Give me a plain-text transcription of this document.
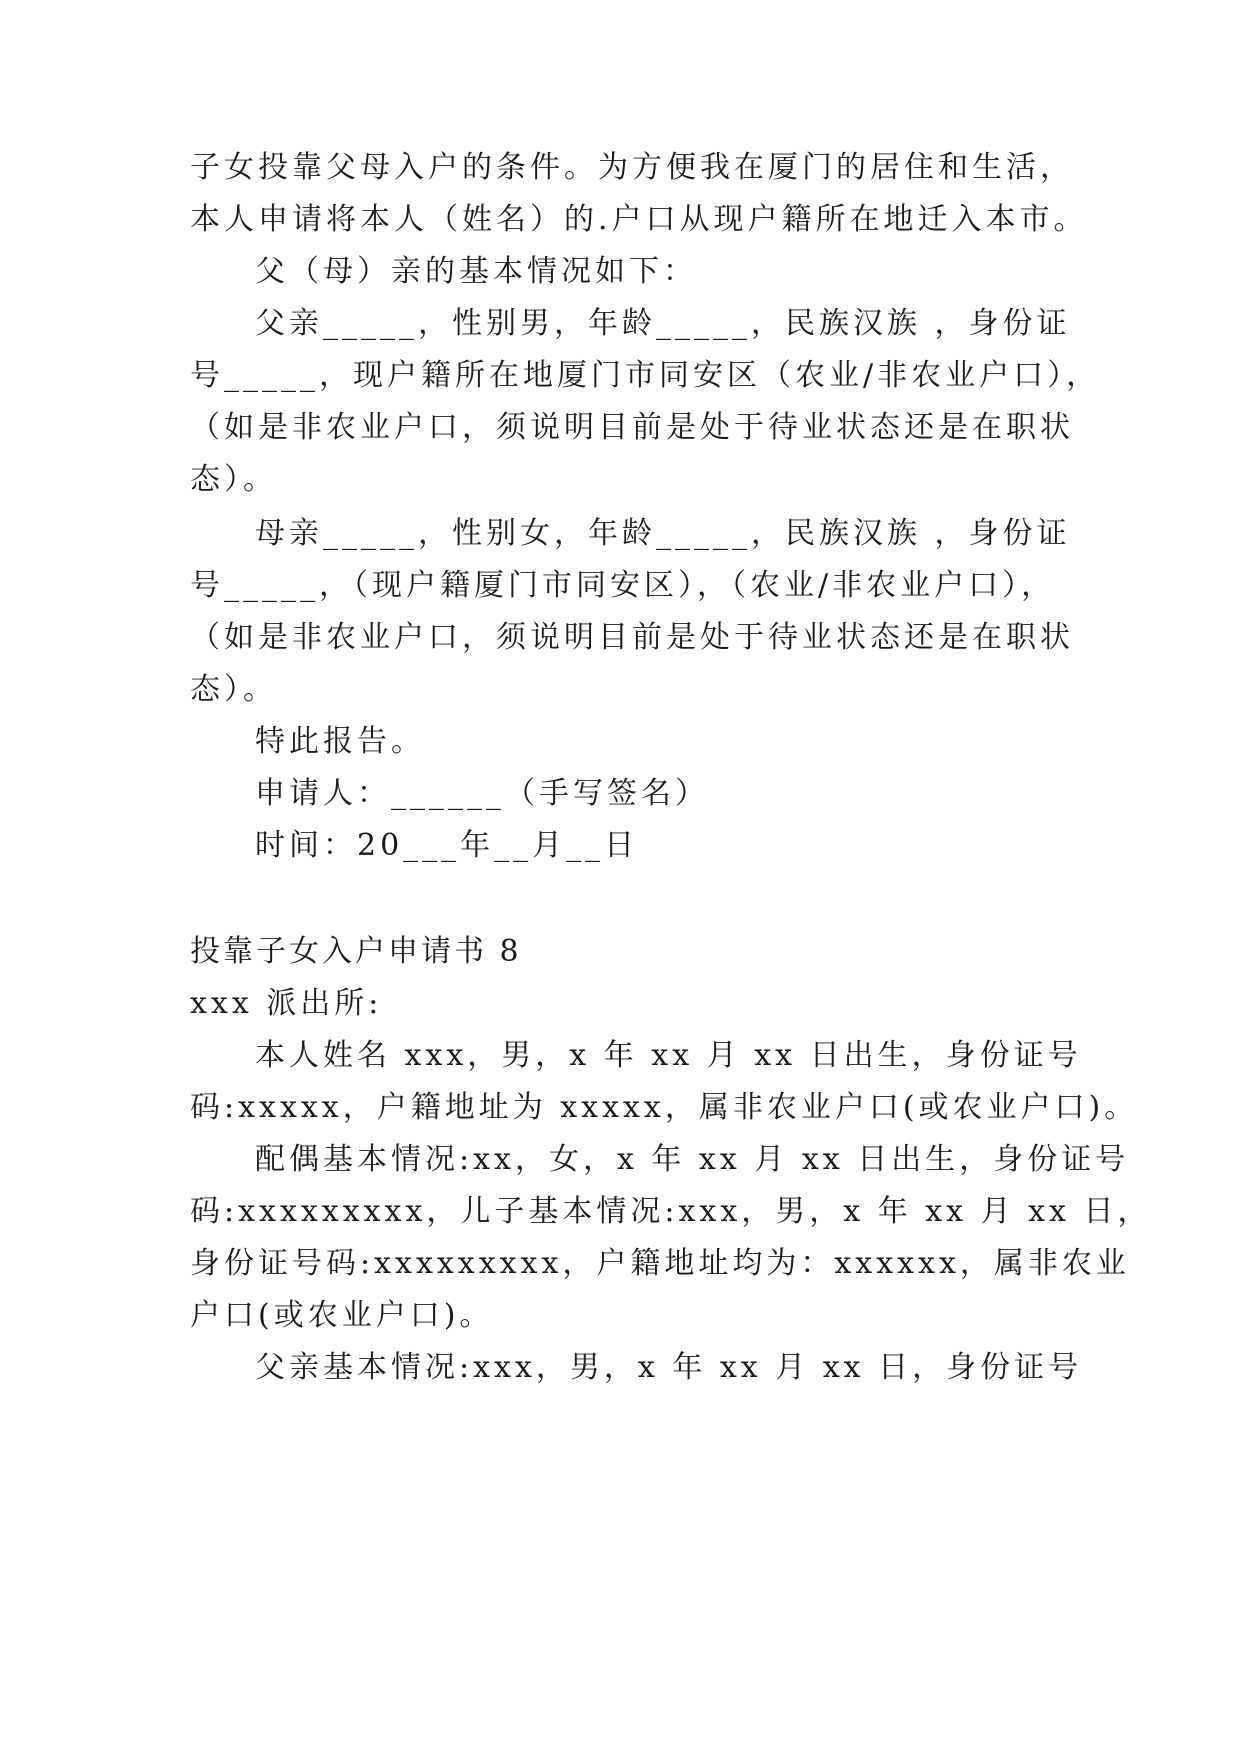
子女投靠父母入户的条件。为方便我在厦门的居住和生活，
本人申请将本人（姓名）的.户口从现户籍所在地迁入本市。
父（母）亲的基本情况如下：
父亲_____，性别男，年龄_____，民族汉族 ，身份证
号_____，现户籍所在地厦门市同安区（农业/非农业户口），
（如是非农业户口，须说明目前是处于待业状态还是在职状
态）。
母亲_____，性别女，年龄_____，民族汉族 ，身份证
号_____，（现户籍厦门市同安区），（农业/非农业户口），
（如是非农业户口，须说明目前是处于待业状态还是在职状
态）。
特此报告。
申请人：______（手写签名）
时间：20___年__月__日
投靠子女入户申请书 8
xxx 派出所:
本人姓名 xxx，男，x 年 xx 月 xx 日出生，身份证号
码:xxxxx，户籍地址为 xxxxx，属非农业户口(或农业户口)。
配偶基本情况:xx，女，x 年 xx 月 xx 日出生，身份证号
码:xxxxxxxxx，儿子基本情况:xxx，男，x 年 xx 月 xx 日，
身份证号码:xxxxxxxxx，户籍地址均为：xxxxxx，属非农业
户口(或农业户口)。
父亲基本情况:xxx，男，x 年 xx 月 xx 日，身份证号
